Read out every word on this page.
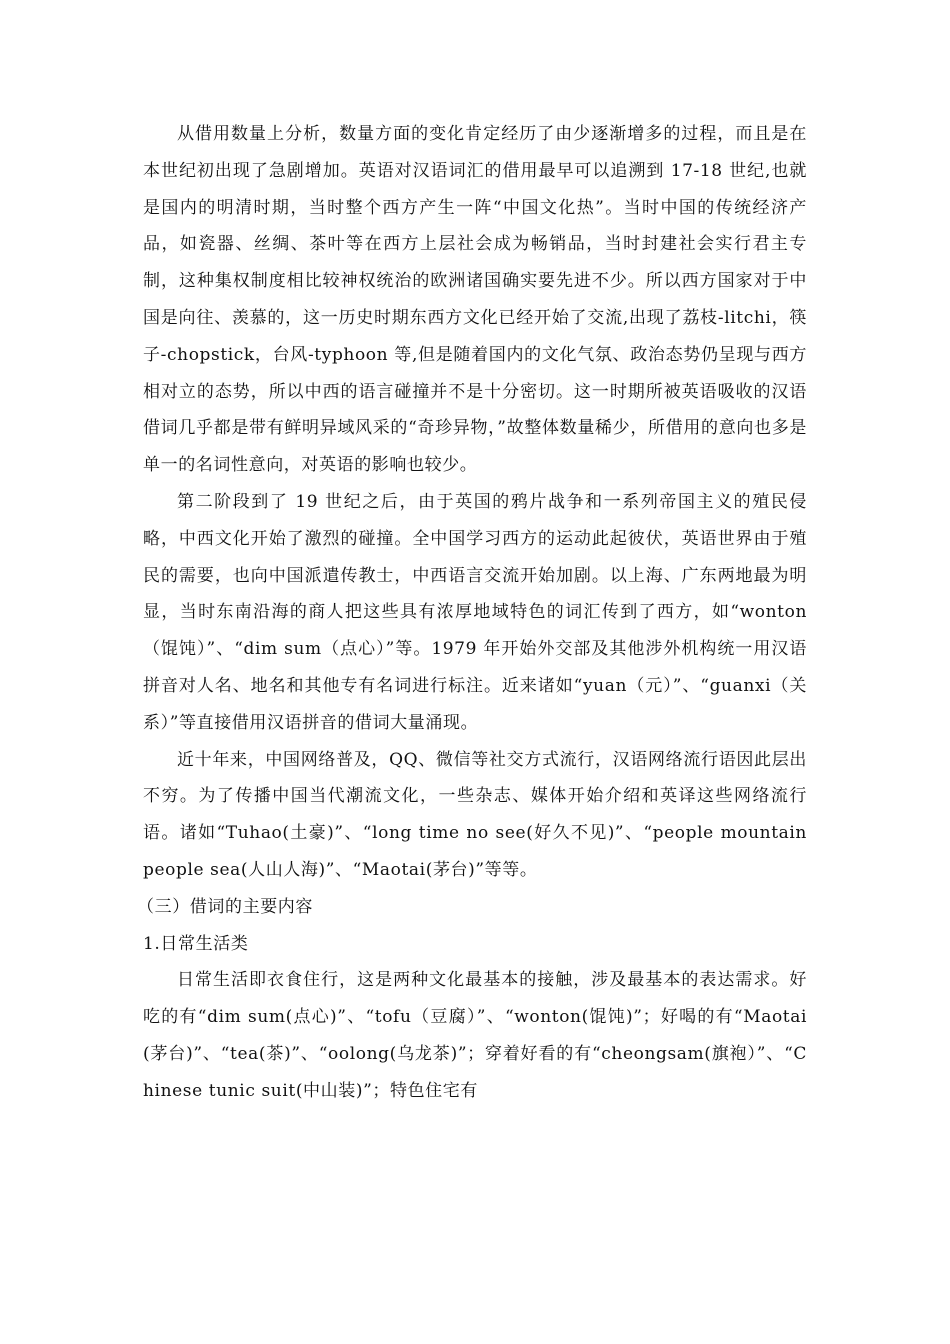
从借用数量上分析，数量方面的变化肯定经历了由少逐渐增多的过程，而且是在本世纪初出现了急剧增加。英语对汉语词汇的借用最早可以追溯到 17-18 世纪,也就是国内的明清时期，当时整个西方产生一阵“中国文化热”。当时中国的传统经济产品，如瓷器、丝绸、茶叶等在西方上层社会成为畅销品，当时封建社会实行君主专制，这种集权制度相比较神权统治的欧洲诸国确实要先进不少。所以西方国家对于中国是向往、羡慕的，这一历史时期东西方文化已经开始了交流,出现了荔枝-litchi，筷子-chopstick，台风-typhoon 等,但是随着国内的文化气氛、政治态势仍呈现与西方相对立的态势，所以中西的语言碰撞并不是十分密切。这一时期所被英语吸收的汉语借词几乎都是带有鲜明异域风采的“奇珍异物，”故整体数量稀少，所借用的意向也多是单一的名词性意向，对英语的影响也较少。

第二阶段到了 19 世纪之后，由于英国的鸦片战争和一系列帝国主义的殖民侵略，中西文化开始了激烈的碰撞。全中国学习西方的运动此起彼伏，英语世界由于殖民的需要，也向中国派遣传教士，中西语言交流开始加剧。以上海、广东两地最为明显，当时东南沿海的商人把这些具有浓厚地域特色的词汇传到了西方，如“wonton（馄饨）”、“dim sum（点心）”等。1979 年开始外交部及其他涉外机构统一用汉语拼音对人名、地名和其他专有名词进行标注。近来诸如“yuan（元）”、“guanxi（关系）”等直接借用汉语拼音的借词大量涌现。

近十年来，中国网络普及，QQ、微信等社交方式流行，汉语网络流行语因此层出不穷。为了传播中国当代潮流文化，一些杂志、媒体开始介绍和英译这些网络流行语。诸如“Tuhao(土豪)”、“long time no see(好久不见)”、“people mountain people sea(人山人海)”、“Maotai(茅台)”等等。

（三）借词的主要内容

1.日常生活类

日常生活即衣食住行，这是两种文化最基本的接触，涉及最基本的表达需求。好吃的有“dim sum(点心)”、“tofu（豆腐）”、“wonton(馄饨)”；好喝的有“Maotai(茅台)”、“tea(茶)”、“oolong(乌龙茶)”；穿着好看的有“cheongsam(旗袍）”、“Chinese tunic suit(中山装)”；特色住宅有
